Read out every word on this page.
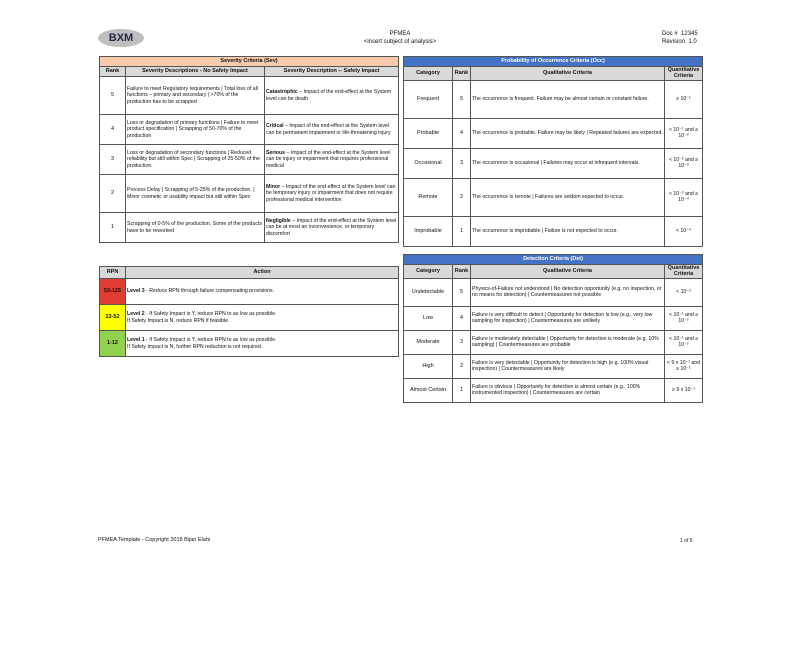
BXM	PFMEA
<insert subject of analysis>
Doc # 12345
Revision 1.0
Severity Criteria (Sev)		
Rank	Severity Descriptions - No Safety Impact	Severity Description -- Safety Impact
5	Failure to meet Regulatory requirements | Total loss of all functions – primary and secondary | >70% of the production has to be scrapped	Catastrophic – Impact of the end-effect at the System level can be death
4	Loss or degradation of primary functions | Failure to meet product specification | Scrapping of 50-70% of the production	Critical – Impact of the end-effect at the System level can be permanent impairment or life-threatening injury
3	Loss or degradation of secondary functions | Reduced reliability but still within Spec | Scrapping of 25-50% of the production.	Serious – Impact of the end-effect at the System level can be injury or impairment that requires professional medical
2	Process Delay | Scrapping of 5-25% of the production. | Minor cosmetic or usability impact but still within Spec	Minor – Impact of the end-effect at the System level can be temporary injury or impairment that does not require professional medical intervention
1	Scrapping of 0-5% of the production. Some of the products have to be reworked	Negligible – Impact of the end-effect at the System level can be at most an inconvenience, or temporary discomfort
Probability of Occurrence Criteria (Occ)			
Category	Rank	Qualitative Criteria	Quantitative Criteria
Frequent	5	The occurrence is frequent. Failure may be almost certain or constant failure.	≥ 10⁻¹
Probable	4	The occurrence is probable. Failure may be likely | Repeated failures are expected.	< 10⁻¹ and ≥ 10⁻²
Occasional	3	The occurrence is occasional | Failures may occur at infrequent intervals.	< 10⁻² and ≥ 10⁻³
Remote	2	The occurrence is remote | Failures are seldom expected to occur.	< 10⁻³ and ≥ 10⁻⁴
Improbable	1	The occurrence is improbable | Failure is not expected to occur.	< 10⁻⁴
RPN	Action
53-125	Level 3 - Reduce RPN through failure compensating provisions.
13-52	Level 2 - If Safety Impact is Y, reduce RPN to as low as possible.
If Safety Impact is N, reduce RPN if feasible.
1-12	Level 1 - If Safety Impact is Y, reduce RPN to as low as possible.
If Safety Impact is N, further RPN reduction is not required.
Detection Criteria (Det)			
Category	Rank	Qualitative Criteria	Quantitative Criteria
Undetectable	5	Physics-of-Failure not understood | No detection opportunity (e.g. no inspection, or no means for detection) | Countermeasures not possible	< 10⁻²
Low	4	Failure is very difficult to detect | Opportunity for detection is low (e.g., very low sampling for inspection) | Countermeasures are unlikely	< 10⁻¹ and ≥ 10⁻²
Moderate	3	Failure is moderately detectable | Opportunity for detection is moderate (e.g. 10% sampling) | Countermeasures are probable	< 10⁻¹ and ≥ 10⁻²
High	2	Failure is very detectable | Opportunity for detection is high (e.g. 100% visual inspection) | Countermeasures are likely	< 9 x 10⁻¹ and ≥ 10⁻¹
Almost Certain	1	Failure is obvious | Opportunity for detection is almost certain (e.g., 100% instrumented inspection) | Countermeasures are certain	≥ 9 x 10⁻¹
PFMEA Template - Copyright 2018 Bijan Elahi	1 of 5
